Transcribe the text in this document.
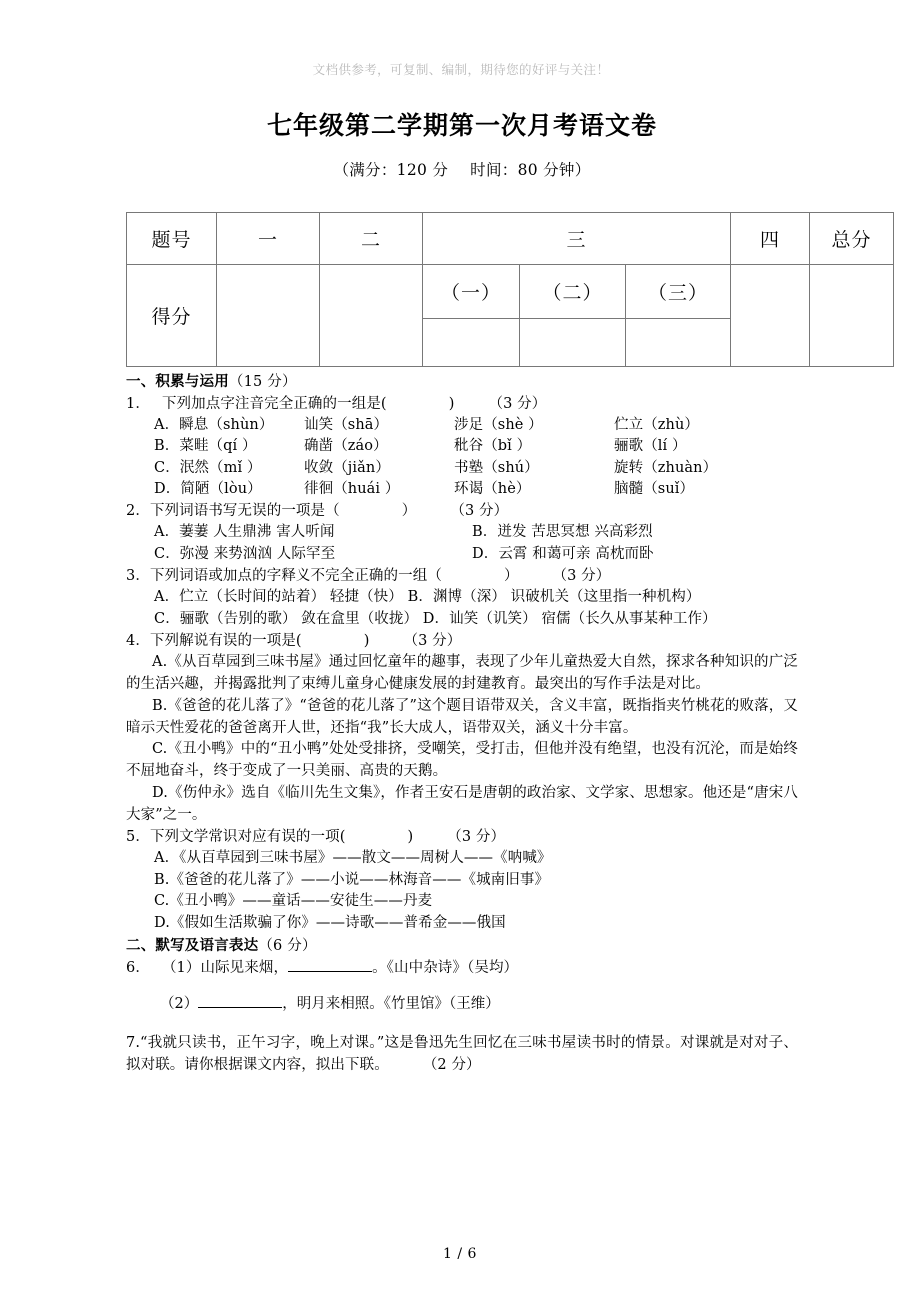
文档供参考，可复制、编制，期待您的好评与关注！
七年级第二学期第一次月考语文卷
（满分：120 分 时间：80 分钟）
题号	一	二	三			四	总分
得分			（一）	（二）	（三）		

一、积累与运用（15 分）

1． 下列加点字注音完全正确的一组是(	) （3 分）

A．瞬息（shùn）	讪笑（shā）	涉足（shè ）	伫立（zhù）
B．菜畦（qí ）	确凿（záo）	秕谷（bǐ ）	骊歌（lí ）
C．泯然（mǐ ）	收敛（jiǎn）	书塾（shú）	旋转（zhuàn）
D．简陋（lòu）	徘徊（huái ）	环谒（hè）	脑髓（suǐ）

2．下列词语书写无误的一项是（	） （3 分）

A．萋萋 人生鼎沸 害人听闻	B．迸发 苦思冥想 兴高彩烈
C．弥漫 来势汹汹 人际罕至	D．云霄 和蔼可亲 高枕而卧

3．下列词语或加点的字释义不完全正确的一组（	） （3 分）

A．伫立（长时间的站着） 轻捷（快） B．渊博（深） 识破机关（这里指一种机构）

C．骊歌（告别的歌） 敛在盒里（收拢） D．讪笑（讥笑） 宿儒（长久从事某种工作）

4．下列解说有误的一项是(	) （3 分）

A.《从百草园到三味书屋》通过回忆童年的趣事，表现了少年儿童热爱大自然，探求各种知识的广泛的生活兴趣，并揭露批判了束缚儿童身心健康发展的封建教育。最突出的写作手法是对比。

B.《爸爸的花儿落了》“爸爸的花儿落了”这个题目语带双关，含义丰富，既指指夹竹桃花的败落，又暗示天性爱花的爸爸离开人世，还指“我”长大成人，语带双关，涵义十分丰富。

C.《丑小鸭》中的“丑小鸭”处处受排挤，受嘲笑，受打击，但他并没有绝望，也没有沉沦，而是始终不屈地奋斗，终于变成了一只美丽、高贵的天鹅。

D.《伤仲永》选自《临川先生文集》，作者王安石是唐朝的政治家、文学家、思想家。他还是“唐宋八大家”之一。

5．下列文学常识对应有误的一项(	) （3 分）

A．《从百草园到三味书屋》——散文——周树人——《呐喊》

B.《爸爸的花儿落了》——小说——林海音——《城南旧事》

C.《丑小鸭》——童话——安徒生——丹麦

D.《假如生活欺骗了你》——诗歌——普希金——俄国

二、默写及语言表达（6 分）

6． （1）山际见来烟，	。《山中杂诗》（吴均）

（2）	，明月来相照。《竹里馆》（王维）

7.“我就只读书，正午习字，晚上对课。”这是鲁迅先生回忆在三味书屋读书时的情景。对课就是对对子、拟对联。请你根据课文内容，拟出下联。 （2 分）

1 / 6
